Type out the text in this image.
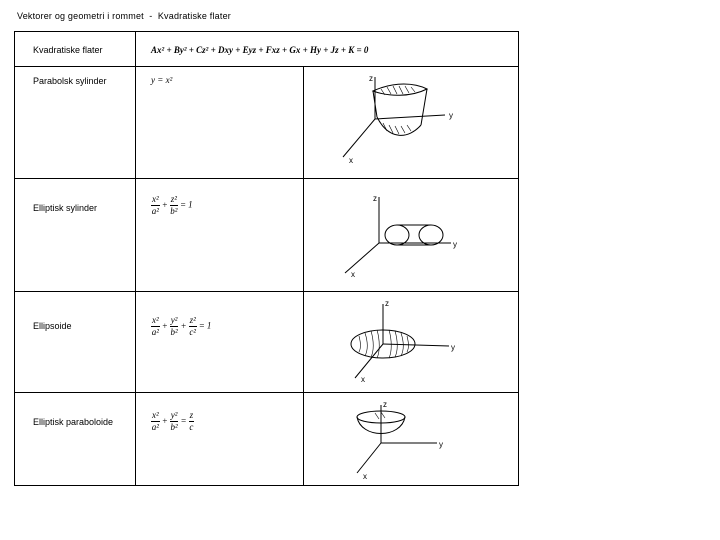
Vektorer og geometri i rommet  -  Kvadratiske flater
Kvadratiske flater	Ax² + By² + Cz² + Dxy + Eyz + Fxz + Gx + Hy + Jz + K = 0
Parabolsk sylinder	y = x²	z
y
x
Elliptisk sylinder	$\frac{\text{x²}}{\text{a²}} + \frac{\text{z²}}{\text{b²}} = 1$
z
y
x
Ellipsoide	$\frac{\text{x²}}{\text{a²}} + \frac{\text{y²}}{\text{b²}} + \frac{\text{z²}}{\text{c²}} = 1$
z
y
x
Elliptisk paraboloide	$\frac{\text{x²}}{\text{a²}} + \frac{\text{y²}}{\text{b²}} = \frac{z}{c}$
z
y
x
